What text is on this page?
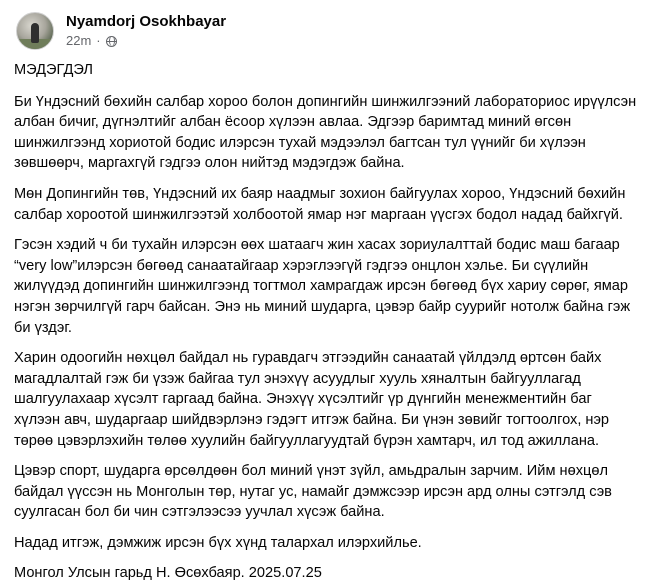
Nyamdorj Osokhbayar
22m ·

МЭДЭГДЭЛ

Би Үндэсний бөхийн салбар хороо болон допингийн шинжилгээний лабораториос ирүүлсэн албан бичиг, дүгнэлтийг албан ёсоор хүлээн авлаа. Эдгээр баримтад миний өгсөн шинжилгээнд хориотой бодис илэрсэн тухай мэдээлэл багтсан тул үүнийг би хүлээн зөвшөөрч, маргахгүй гэдгээ олон нийтэд мэдэгдэж байна.

Мөн Допингийн төв, Үндэсний их баяр наадмыг зохион байгуулах хороо, Үндэсний бөхийн салбар хороотой шинжилгээтэй холбоотой ямар нэг маргаан үүсгэх бодол надад байхгүй.

Гэсэн хэдий ч би тухайн илэрсэн өөх шатаагч жин хасах зориулалттай бодис маш багаар “very low”илэрсэн бөгөөд санаатайгаар хэрэглээгүй гэдгээ онцлон хэлье. Би сүүлийн жилүүдэд допингийн шинжилгээнд тогтмол хамрагдаж ирсэн бөгөөд бүх хариу сөрөг, ямар нэгэн зөрчилгүй гарч байсан. Энэ нь миний шударга, цэвэр байр суурийг нотолж байна гэж би үздэг.

Харин одоогийн нөхцөл байдал нь гуравдагч этгээдийн санаатай үйлдэлд өртсөн байх магадлалтай гэж би үзэж байгаа тул энэхүү асуудлыг хууль хяналтын байгууллагад шалгуулахаар хүсэлт гаргаад байна. Энэхүү хүсэлтийг үр дүнгийн менежментийн баг хүлээн авч, шударгаар шийдвэрлэнэ гэдэгт итгэж байна. Би үнэн зөвийг тогтоолгох, нэр төрөө цэвэрлэхийн төлөө хуулийн байгууллагуудтай бүрэн хамтарч, ил тод ажиллана.

Цэвэр спорт, шударга өрсөлдөөн бол миний үнэт зүйл, амьдралын зарчим. Ийм нөхцөл байдал үүссэн нь Монголын төр, нутаг ус, намайг дэмжсээр ирсэн ард олны сэтгэлд сэв суулгасан бол би чин сэтгэлээсээ уучлал хүсэж байна.

Надад итгэж, дэмжиж ирсэн бүх хүнд талархал илэрхийлье.

Монгол Улсын гарьд Н. Өсөхбаяр. 2025.07.25
